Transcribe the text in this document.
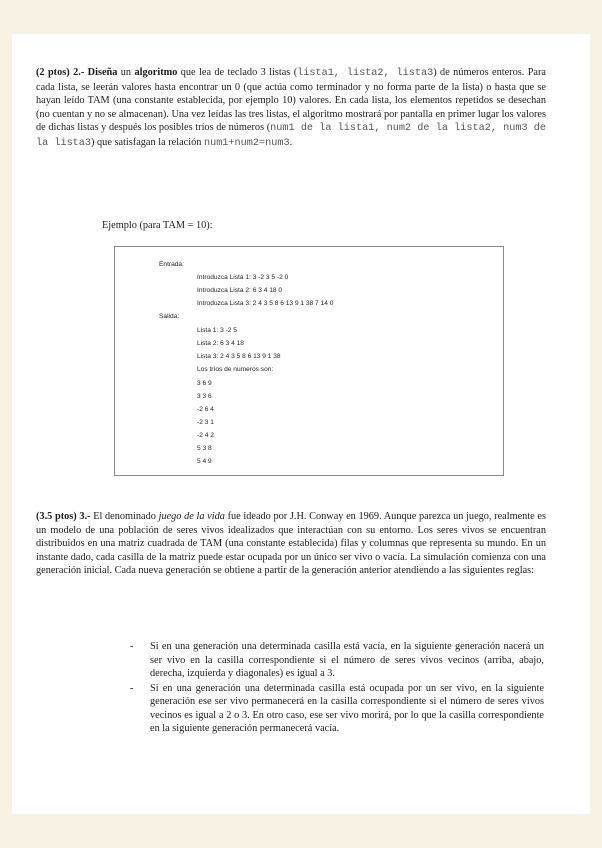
(2 ptos) 2.- Diseña un algoritmo que lea de teclado 3 listas (lista1, lista2, lista3) de números enteros. Para cada lista, se leerán valores hasta encontrar un 0 (que actúa como terminador y no forma parte de la lista) o hasta que se hayan leído TAM (una constante establecida, por ejemplo 10) valores. En cada lista, los elementos repetidos se desechan (no cuentan y no se almacenan). Una vez leídas las tres listas, el algoritmo mostrará por pantalla en primer lugar los valores de dichas listas y después los posibles tríos de números (num1 de la lista1, num2 de la lista2, num3 de la lista3) que satisfagan la relación num1+num2=num3.
Ejemplo (para TAM = 10):
Entrada:
Introduzca Lista 1: 3 -2 3 5 -2 0
Introduzca Lista 2: 6 3 4 18 0
Introduzca Lista 3: 2 4 3 5 8 6 13 9 1 38 7 14 0
Salida:
Lista 1: 3 -2 5
Lista 2: 6 3 4 18
Lista 3: 2 4 3 5 8 6 13 9 1 38
Los tríos de numeros son:
3 6 9
3 3 6
-2 6 4
-2 3 1
-2 4 2
5 3 8
5 4 9
(3.5 ptos) 3.- El denominado juego de la vida fue ideado por J.H. Conway en 1969. Aunque parezca un juego, realmente es un modelo de una población de seres vivos idealizados que interactúan con su entorno. Los seres vivos se encuentran distribuidos en una matriz cuadrada de TAM (una constante establecida) filas y columnas que representa su mundo. En un instante dado, cada casilla de la matriz puede estar ocupada por un único ser vivo o vacía. La simulación comienza con una generación inicial. Cada nueva generación se obtiene a partir de la generación anterior atendiendo a las siguientes reglas:
-	Si en una generación una determinada casilla está vacía, en la siguiente generación nacerá un ser vivo en la casilla correspondiente si el número de seres vivos vecinos (arriba, abajo, derecha, izquierda y diagonales) es igual a 3.
-	Si en una generación una determinada casilla está ocupada por un ser vivo, en la siguiente generación ese ser vivo permanecerá en la casilla correspondiente si el número de seres vivos vecinos es igual a 2 o 3. En otro caso, ese ser vivo morirá, por lo que la casilla correspondiente en la siguiente generación permanecerá vacía.
